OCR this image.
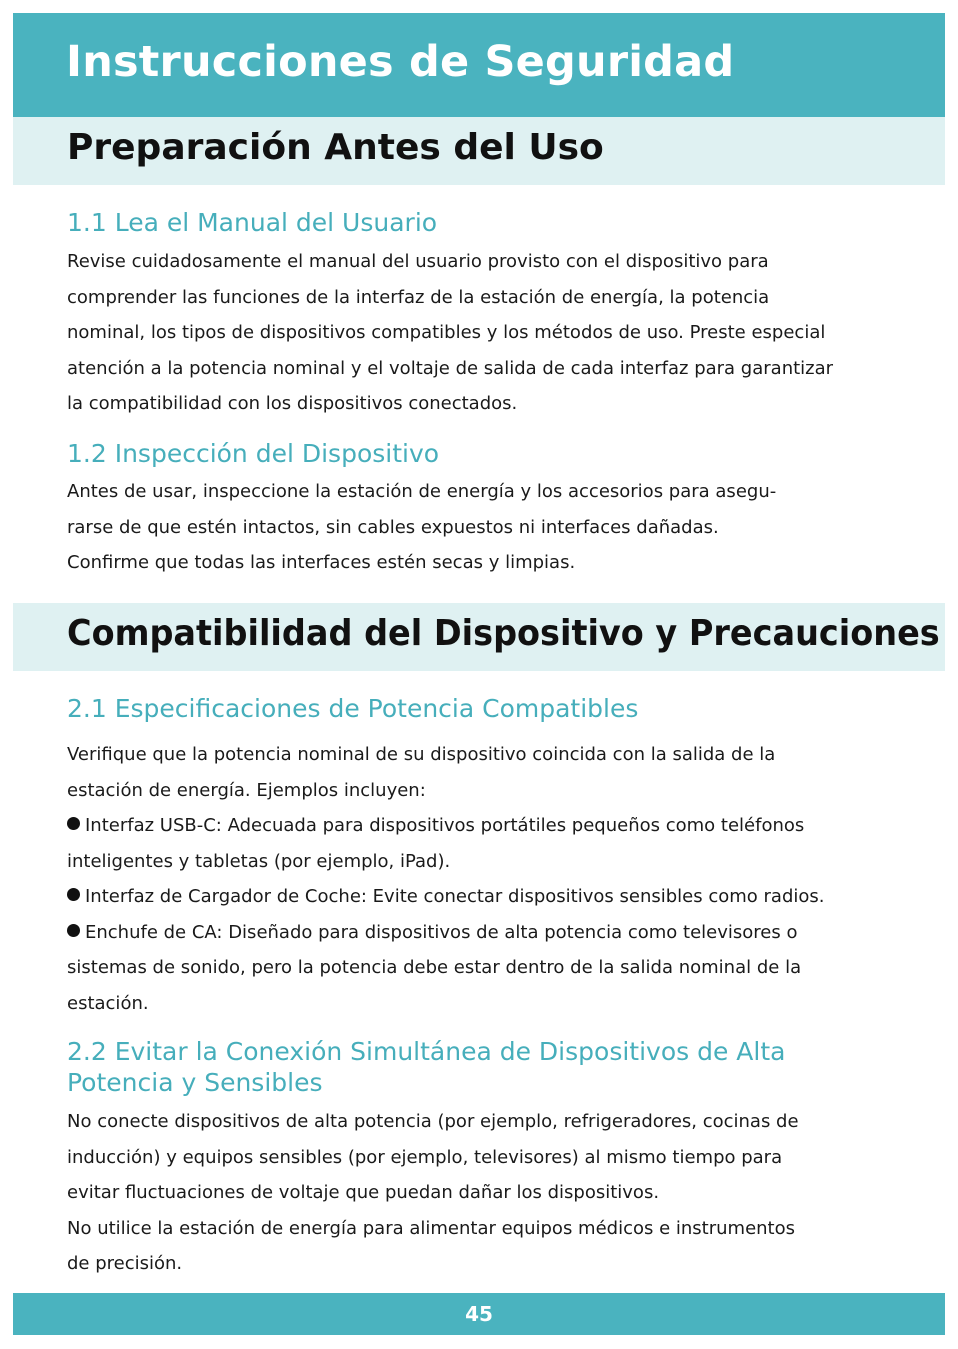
Instrucciones de Seguridad
Preparación Antes del Uso
1.1 Lea el Manual del Usuario
Revise cuidadosamente el manual del usuario provisto con el dispositivo para
comprender las funciones de la interfaz de la estación de energía, la potencia
nominal, los tipos de dispositivos compatibles y los métodos de uso. Preste especial
atención a la potencia nominal y el voltaje de salida de cada interfaz para garantizar
la compatibilidad con los dispositivos conectados.
1.2 Inspección del Dispositivo
Antes de usar, inspeccione la estación de energía y los accesorios para asegu-
rarse de que estén intactos, sin cables expuestos ni interfaces dañadas.
Confirme que todas las interfaces estén secas y limpias.
Compatibilidad del Dispositivo y Precauciones
2.1 Especificaciones de Potencia Compatibles
Verifique que la potencia nominal de su dispositivo coincida con la salida de la
estación de energía. Ejemplos incluyen:
Interfaz USB-C: Adecuada para dispositivos portátiles pequeños como teléfonos
inteligentes y tabletas (por ejemplo, iPad).
Interfaz de Cargador de Coche: Evite conectar dispositivos sensibles como radios.
Enchufe de CA: Diseñado para dispositivos de alta potencia como televisores o
sistemas de sonido, pero la potencia debe estar dentro de la salida nominal de la
estación.
2.2 Evitar la Conexión Simultánea de Dispositivos de Alta
Potencia y Sensibles
No conecte dispositivos de alta potencia (por ejemplo, refrigeradores, cocinas de
inducción) y equipos sensibles (por ejemplo, televisores) al mismo tiempo para
evitar fluctuaciones de voltaje que puedan dañar los dispositivos.
No utilice la estación de energía para alimentar equipos médicos e instrumentos
de precisión.
45
